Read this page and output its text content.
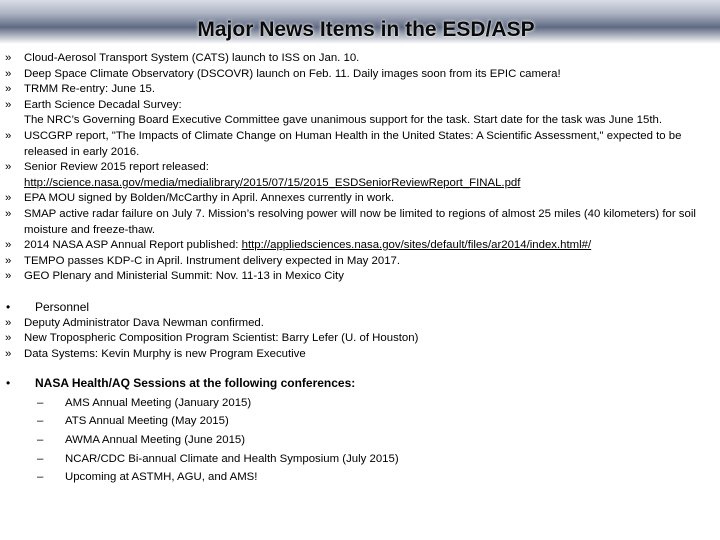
Major News Items in the ESD/ASP
»	Cloud-Aerosol Transport System (CATS) launch to ISS on Jan. 10.
»	Deep Space Climate Observatory (DSCOVR) launch on Feb. 11. Daily images soon from its EPIC camera!
»	TRMM Re-entry: June 15.
»	Earth Science Decadal Survey:
The NRC’s Governing Board Executive Committee gave unanimous support for the task. Start date for the task was June 15th.
»	USCGRP report, "The Impacts of Climate Change on Human Health in the United States: A Scientific Assessment," expected to be released in early 2016.
»	Senior Review 2015 report released:
http://science.nasa.gov/media/medialibrary/2015/07/15/2015_ESDSeniorReviewReport_FINAL.pdf
»	EPA MOU signed by Bolden/McCarthy in April. Annexes currently in work.
»	SMAP active radar failure on July 7. Mission’s resolving power will now be limited to regions of almost 25 miles (40 kilometers) for soil moisture and freeze-thaw.
»	2014 NASA ASP Annual Report published: http://appliedsciences.nasa.gov/sites/default/files/ar2014/index.html#/
»	TEMPO passes KDP-C in April. Instrument delivery expected in May 2017.
»	GEO Plenary and Ministerial Summit: Nov. 11-13 in Mexico City
•	Personnel
»	Deputy Administrator Dava Newman confirmed.
»	New Tropospheric Composition Program Scientist: Barry Lefer (U. of Houston)
»	Data Systems: Kevin Murphy is new Program Executive
•	NASA Health/AQ Sessions at the following conferences:
–	AMS Annual Meeting (January 2015)
–	ATS Annual Meeting (May 2015)
–	AWMA Annual Meeting (June 2015)
–	NCAR/CDC Bi-annual Climate and Health Symposium (July 2015)
–	Upcoming at ASTMH, AGU, and AMS!
